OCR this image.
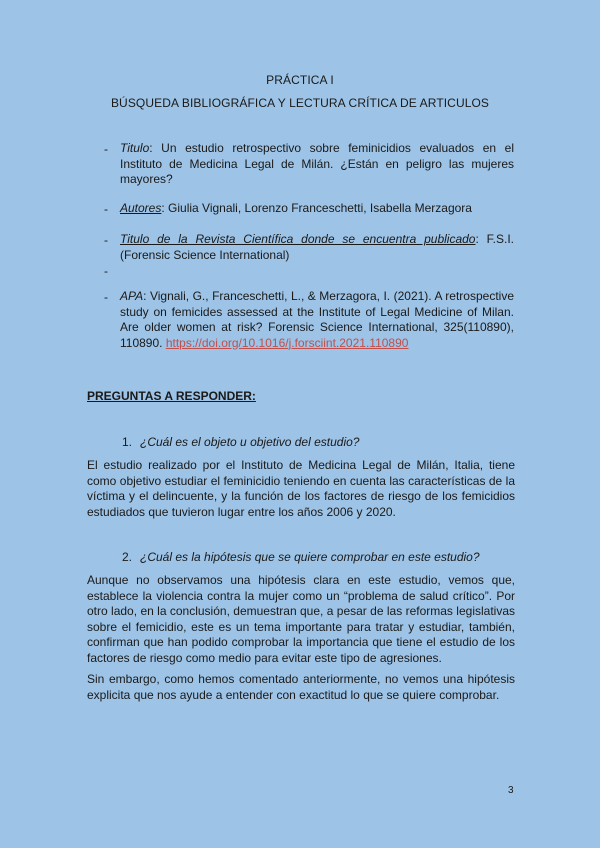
PRÁCTICA I
BÚSQUEDA BIBLIOGRÁFICA Y LECTURA CRÍTICA DE ARTICULOS
- Titulo: Un estudio retrospectivo sobre feminicidios evaluados en el Instituto de Medicina Legal de Milán. ¿Están en peligro las mujeres mayores?
- Autores: Giulia Vignali, Lorenzo Franceschetti, Isabella Merzagora
- Titulo de la Revista Científica donde se encuentra publicado: F.S.I. (Forensic Science International)
-
- APA: Vignali, G., Franceschetti, L., & Merzagora, I. (2021). A retrospective study on femicides assessed at the Institute of Legal Medicine of Milan. Are older women at risk? Forensic Science International, 325(110890), 110890. https://doi.org/10.1016/j.forsciint.2021.110890
PREGUNTAS A RESPONDER:
1. ¿Cuál es el objeto u objetivo del estudio?
El estudio realizado por el Instituto de Medicina Legal de Milán, Italia, tiene como objetivo estudiar el feminicidio teniendo en cuenta las características de la víctima y el delincuente, y la función de los factores de riesgo de los femicidios estudiados que tuvieron lugar entre los años 2006 y 2020.
2. ¿Cuál es la hipótesis que se quiere comprobar en este estudio?
Aunque no observamos una hipótesis clara en este estudio, vemos que, establece la violencia contra la mujer como un “problema de salud crítico”. Por otro lado, en la conclusión, demuestran que, a pesar de las reformas legislativas sobre el femicidio, este es un tema importante para tratar y estudiar, también, confirman que han podido comprobar la importancia que tiene el estudio de los factores de riesgo como medio para evitar este tipo de agresiones.
Sin embargo, como hemos comentado anteriormente, no vemos una hipótesis explicita que nos ayude a entender con exactitud lo que se quiere comprobar.
3
